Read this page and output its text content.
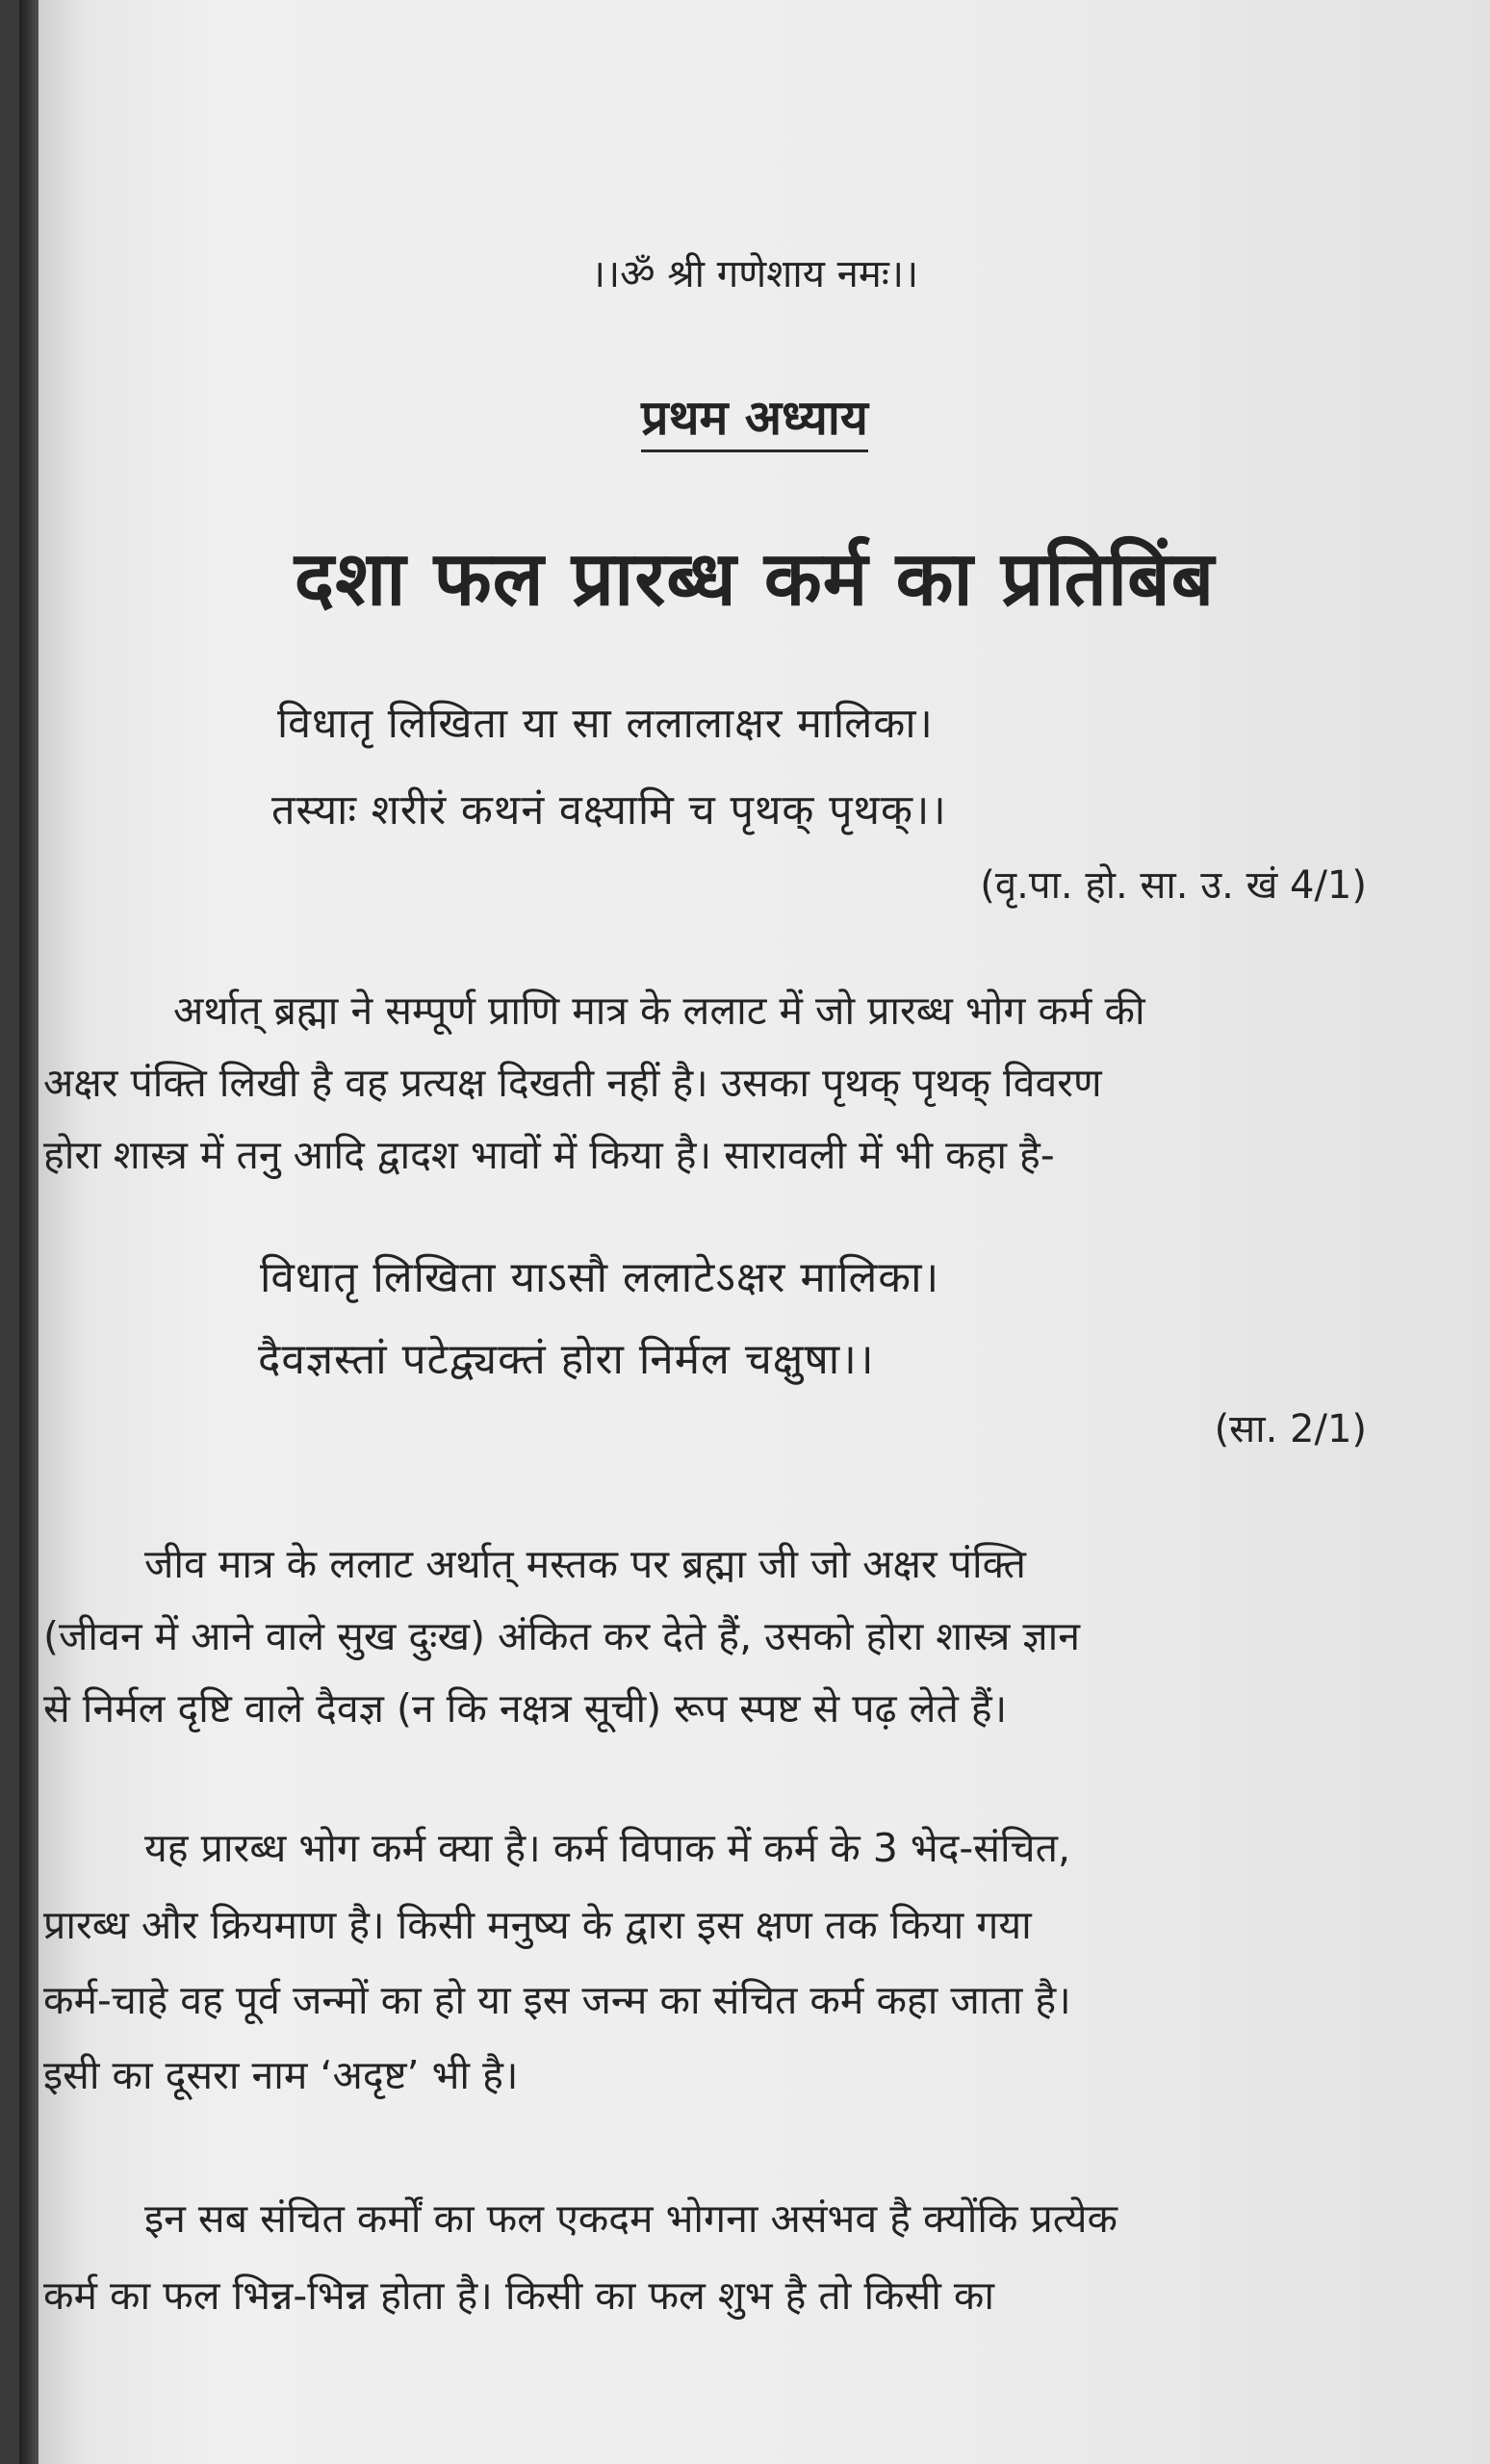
।।ॐ श्री गणेशाय नमः।।
प्रथम अध्याय
दशा फल प्रारब्ध कर्म का प्रतिबिंब
विधातृ लिखिता या सा ललालाक्षर मालिका।
तस्याः शरीरं कथनं वक्ष्यामि च पृथक् पृथक्।।
(वृ.पा. हो. सा. उ. खं 4/1)
अर्थात् ब्रह्मा ने सम्पूर्ण प्राणि मात्र के ललाट में जो प्रारब्ध भोग कर्म की
अक्षर पंक्ति लिखी है वह प्रत्यक्ष दिखती नहीं है। उसका पृथक् पृथक् विवरण
होरा शास्त्र में तनु आदि द्वादश भावों में किया है। सारावली में भी कहा है-
विधातृ लिखिता याऽसौ ललाटेऽक्षर मालिका।
दैवज्ञस्तां पटेद्व्यक्तं होरा निर्मल चक्षुषा।।
(सा. 2/1)
जीव मात्र के ललाट अर्थात् मस्तक पर ब्रह्मा जी जो अक्षर पंक्ति
(जीवन में आने वाले सुख दुःख) अंकित कर देते हैं, उसको होरा शास्त्र ज्ञान
से निर्मल दृष्टि वाले दैवज्ञ (न कि नक्षत्र सूची) रूप स्पष्ट से पढ़ लेते हैं।
यह प्रारब्ध भोग कर्म क्या है। कर्म विपाक में कर्म के 3 भेद-संचित,
प्रारब्ध और क्रियमाण है। किसी मनुष्य के द्वारा इस क्षण तक किया गया
कर्म-चाहे वह पूर्व जन्मों का हो या इस जन्म का संचित कर्म कहा जाता है।
इसी का दूसरा नाम ‘अदृष्ट’ भी है।
इन सब संचित कर्मों का फल एकदम भोगना असंभव है क्योंकि प्रत्येक
कर्म का फल भिन्न-भिन्न होता है। किसी का फल शुभ है तो किसी का
